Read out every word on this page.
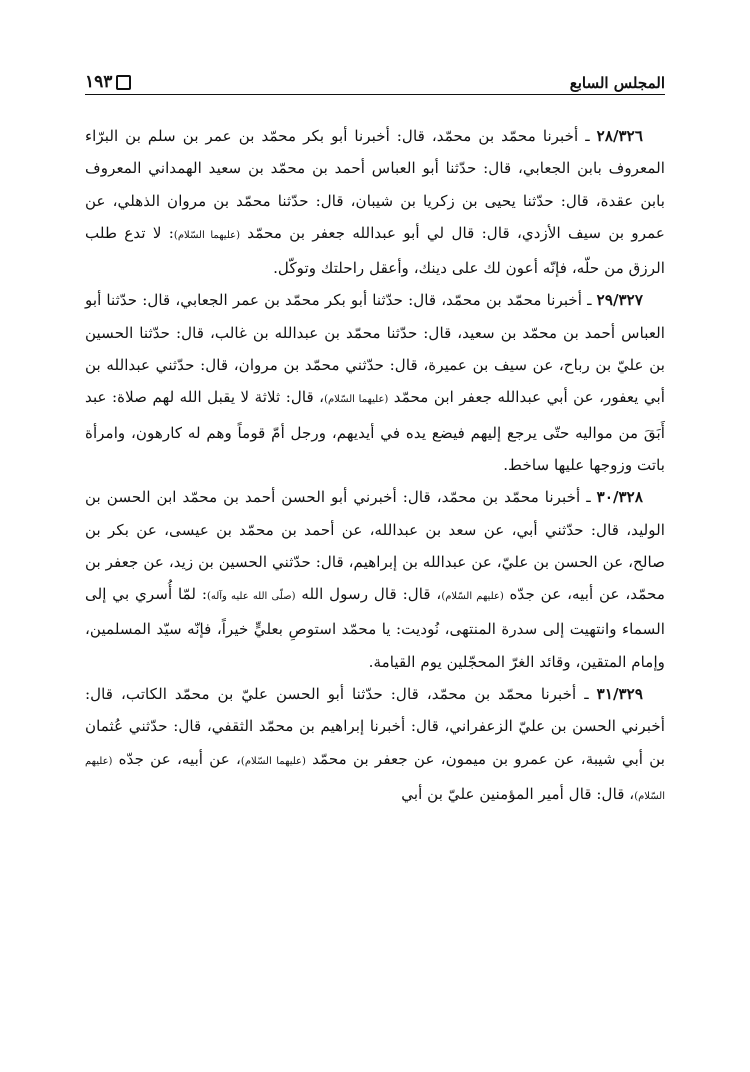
المجلس السابع
١٩٣

٢٨/٣٢٦ ـ أخبرنا محمّد بن محمّد، قال: أخبرنا أبو بكر محمّد بن عمر بن سلم بن البرّاء المعروف بابن الجعابي، قال: حدّثنا أبو العباس أحمد بن محمّد بن سعيد الهمداني المعروف بابن عقدة، قال: حدّثنا يحيى بن زكريا بن شيبان، قال: حدّثنا محمّد بن مروان الذهلي، عن عمرو بن سيف الأزدي، قال: قال لي أبو عبدالله جعفر بن محمّد (عليهما السّلام): لا تدع طلب الرزق من حلّه، فإنّه أعون لك على دينك، وأعقل راحلتك وتوكّل.

٢٩/٣٢٧ ـ أخبرنا محمّد بن محمّد، قال: حدّثنا أبو بكر محمّد بن عمر الجعابي، قال: حدّثنا أبو العباس أحمد بن محمّد بن سعيد، قال: حدّثنا محمّد بن عبدالله بن غالب، قال: حدّثنا الحسين بن عليّ بن رباح، عن سيف بن عميرة، قال: حدّثني محمّد بن مروان، قال: حدّثني عبدالله بن أبي يعفور، عن أبي عبدالله جعفر ابن محمّد (عليهما السّلام)، قال: ثلاثة لا يقبل الله لهم صلاة: عبد أَبَقَ من مواليه حتّى يرجع إليهم فيضع يده في أيديهم، ورجل أمّ قوماً وهم له كارهون، وامرأة باتت وزوجها عليها ساخط.

٣٠/٣٢٨ ـ أخبرنا محمّد بن محمّد، قال: أخبرني أبو الحسن أحمد بن محمّد ابن الحسن بن الوليد، قال: حدّثني أبي، عن سعد بن عبدالله، عن أحمد بن محمّد بن عيسى، عن بكر بن صالح، عن الحسن بن عليّ، عن عبدالله بن إبراهيم، قال: حدّثني الحسين بن زيد، عن جعفر بن محمّد، عن أبيه، عن جدّه (عليهم السّلام)، قال: قال رسول الله (صلّى الله عليه وآله): لمّا أُسري بي إلى السماء وانتهيت إلى سدرة المنتهى، نُوديت: يا محمّد استوصِ بعليٍّ خيراً، فإنّه سيّد المسلمين، وإمام المتقين، وقائد الغرّ المحجّلين يوم القيامة.

٣١/٣٢٩ ـ أخبرنا محمّد بن محمّد، قال: حدّثنا أبو الحسن عليّ بن محمّد الكاتب، قال: أخبرني الحسن بن عليّ الزعفراني، قال: أخبرنا إبراهيم بن محمّد الثقفي، قال: حدّثني عُثمان بن أبي شيبة، عن عمرو بن ميمون، عن جعفر بن محمّد (عليهما السّلام)، عن أبيه، عن جدّه (عليهم السّلام)، قال: قال أمير المؤمنين عليّ بن أبي
